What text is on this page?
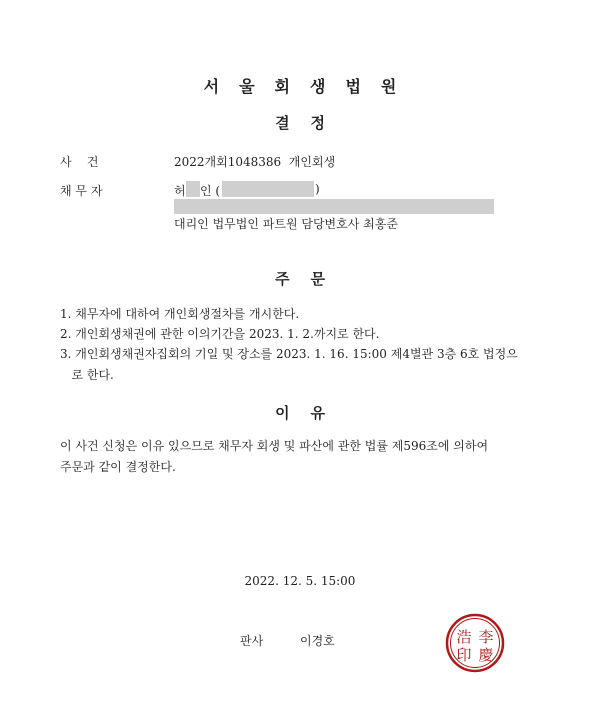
서울회생법원
결    정
사    건	2022개회1048386  개인회생
채 무 자	허 인 (	)
대리인 법무법인 파트원 담당변호사 최홍준
주    문
1. 채무자에 대하여 개인회생절차를 개시한다.
2. 개인회생채권에 관한 이의기간을 2023. 1. 2.까지로 한다.
3. 개인회생채권자집회의 기일 및 장소를 2023. 1. 16. 15:00 제4별관 3층 6호 법정으
로 한다.
이    유
이 사건 신청은 이유 있으므로 채무자 회생 및 파산에 관한 법률 제596조에 의하여
주문과 같이 결정한다.
2022. 12. 5. 15:00
판사	이경호	浩 李
印 慶
